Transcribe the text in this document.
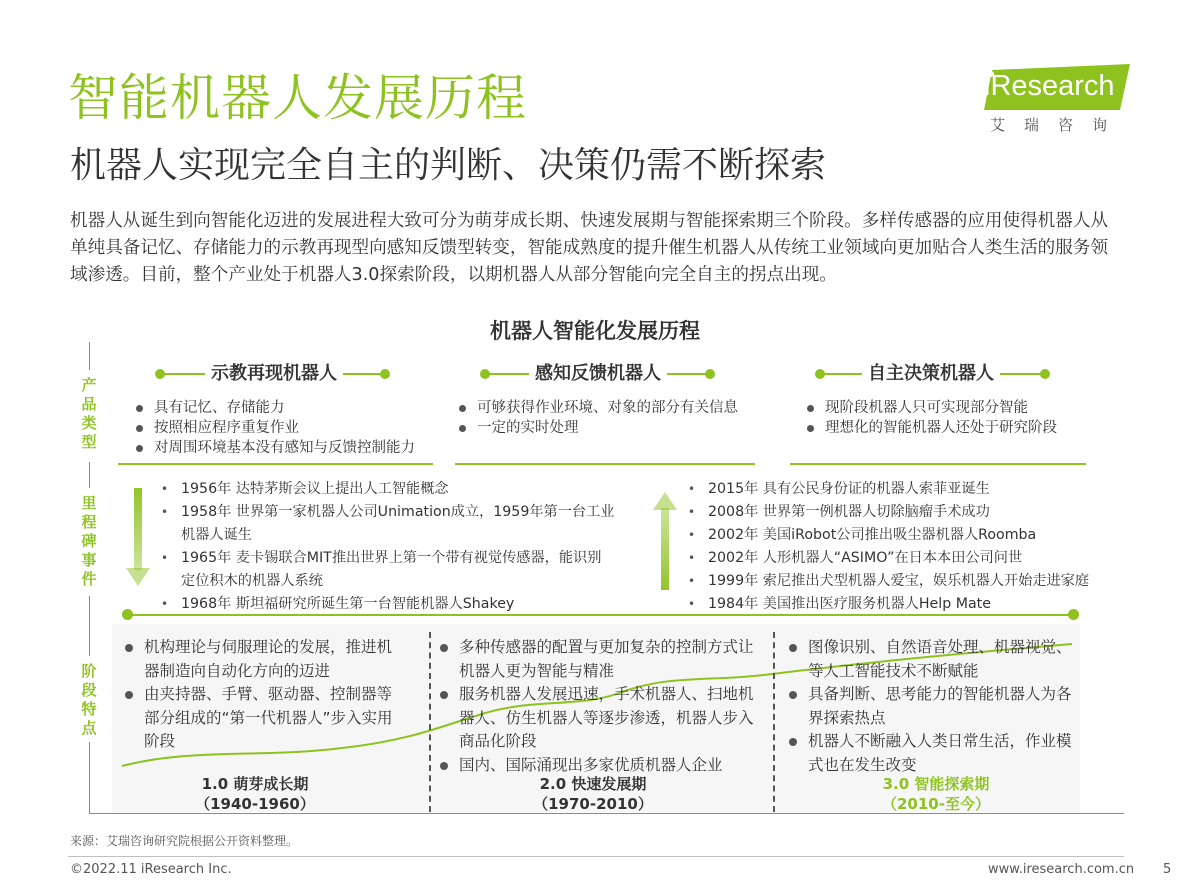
智能机器人发展历程
机器人实现完全自主的判断、决策仍需不断探索
机器人从诞生到向智能化迈进的发展进程大致可分为萌芽成长期、快速发展期与智能探索期三个阶段。多样传感器的应用使得机器人从单纯具备记忆、存储能力的示教再现型向感知反馈型转变，智能成熟度的提升催生机器人从传统工业领域向更加贴合人类生活的服务领域渗透。目前，整个产业处于机器人3.0探索阶段，以期机器人从部分智能向完全自主的拐点出现。
iResearch
艾瑞咨询
机器人智能化发展历程
产
品
类
型
里
程
碑
事
件
阶
段
特
点
示教再现机器人	感知反馈机器人	自主决策机器人
具有记忆、存储能力
按照相应程序重复作业
对周围环境基本没有感知与反馈控制能力
可够获得作业环境、对象的部分有关信息
一定的实时处理
现阶段机器人只可实现部分智能
理想化的智能机器人还处于研究阶段
• 1956年 达特茅斯会议上提出人工智能概念
• 1958年 世界第一家机器人公司Unimation成立，1959年第一台工业机器人诞生
• 1965年 麦卡锡联合MIT推出世界上第一个带有视觉传感器，能识别定位积木的机器人系统
• 1968年 斯坦福研究所诞生第一台智能机器人Shakey
• 2015年 具有公民身份证的机器人索菲亚诞生
• 2008年 世界第一例机器人切除脑瘤手术成功
• 2002年 美国iRobot公司推出吸尘器机器人Roomba
• 2002年 人形机器人“ASIMO”在日本本田公司问世
• 1999年 索尼推出犬型机器人爱宝，娱乐机器人开始走进家庭
• 1984年 美国推出医疗服务机器人Help Mate
机构理论与伺服理论的发展，推进机器制造向自动化方向的迈进
由夹持器、手臂、驱动器、控制器等部分组成的“第一代机器人”步入实用阶段
多种传感器的配置与更加复杂的控制方式让机器人更为智能与精准
服务机器人发展迅速，手术机器人、扫地机器人、仿生机器人等逐步渗透，机器人步入商品化阶段
国内、国际涌现出多家优质机器人企业
图像识别、自然语音处理、机器视觉、等人工智能技术不断赋能
具备判断、思考能力的智能机器人为各界探索热点
机器人不断融入人类日常生活，作业模式也在发生改变
1.0 萌芽成长期
（1940-1960）
2.0 快速发展期
（1970-2010）
3.0 智能探索期
（2010-至今）
来源：艾瑞咨询研究院根据公开资料整理。
©2022.11 iResearch Inc.	www.iresearch.com.cn 5
